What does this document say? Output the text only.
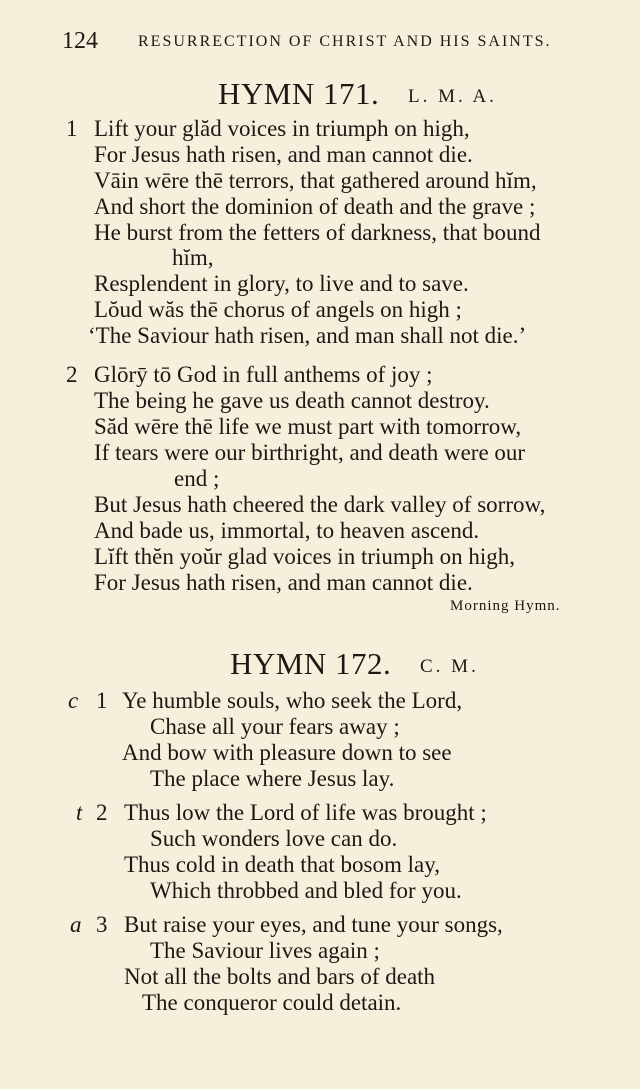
124	RESURRECTION OF CHRIST AND HIS SAINTS.
HYMN 171. L. M. A.
1 Lift your glăd voices in triumph on high,
For Jesus hath risen, and man cannot die.
Vāin wēre thē terrors, that gathered around hĭm,
And short the dominion of death and the grave ;
He burst from the fetters of darkness, that bound
hĭm,
Resplendent in glory, to live and to save.
Lŏud wăs thē chorus of angels on high ;
‘The Saviour hath risen, and man shall not die.’
2 Glōrȳ tō God in full anthems of joy ;
The being he gave us death cannot destroy.
Săd wēre thē life we must part with tomorrow,
If tears were our birthright, and death were our
end ;
But Jesus hath cheered the dark valley of sorrow,
And bade us, immortal, to heaven ascend.
Lĭft thĕn yoŭr glad voices in triumph on high,
For Jesus hath risen, and man cannot die.
Morning Hymn.
HYMN 172. C. M.
c 1 Ye humble souls, who seek the Lord,
Chase all your fears away ;
And bow with pleasure down to see
The place where Jesus lay.
t 2 Thus low the Lord of life was brought ;
Such wonders love can do.
Thus cold in death that bosom lay,
Which throbbed and bled for you.
a 3 But raise your eyes, and tune your songs,
The Saviour lives again ;
Not all the bolts and bars of death
The conqueror could detain.
